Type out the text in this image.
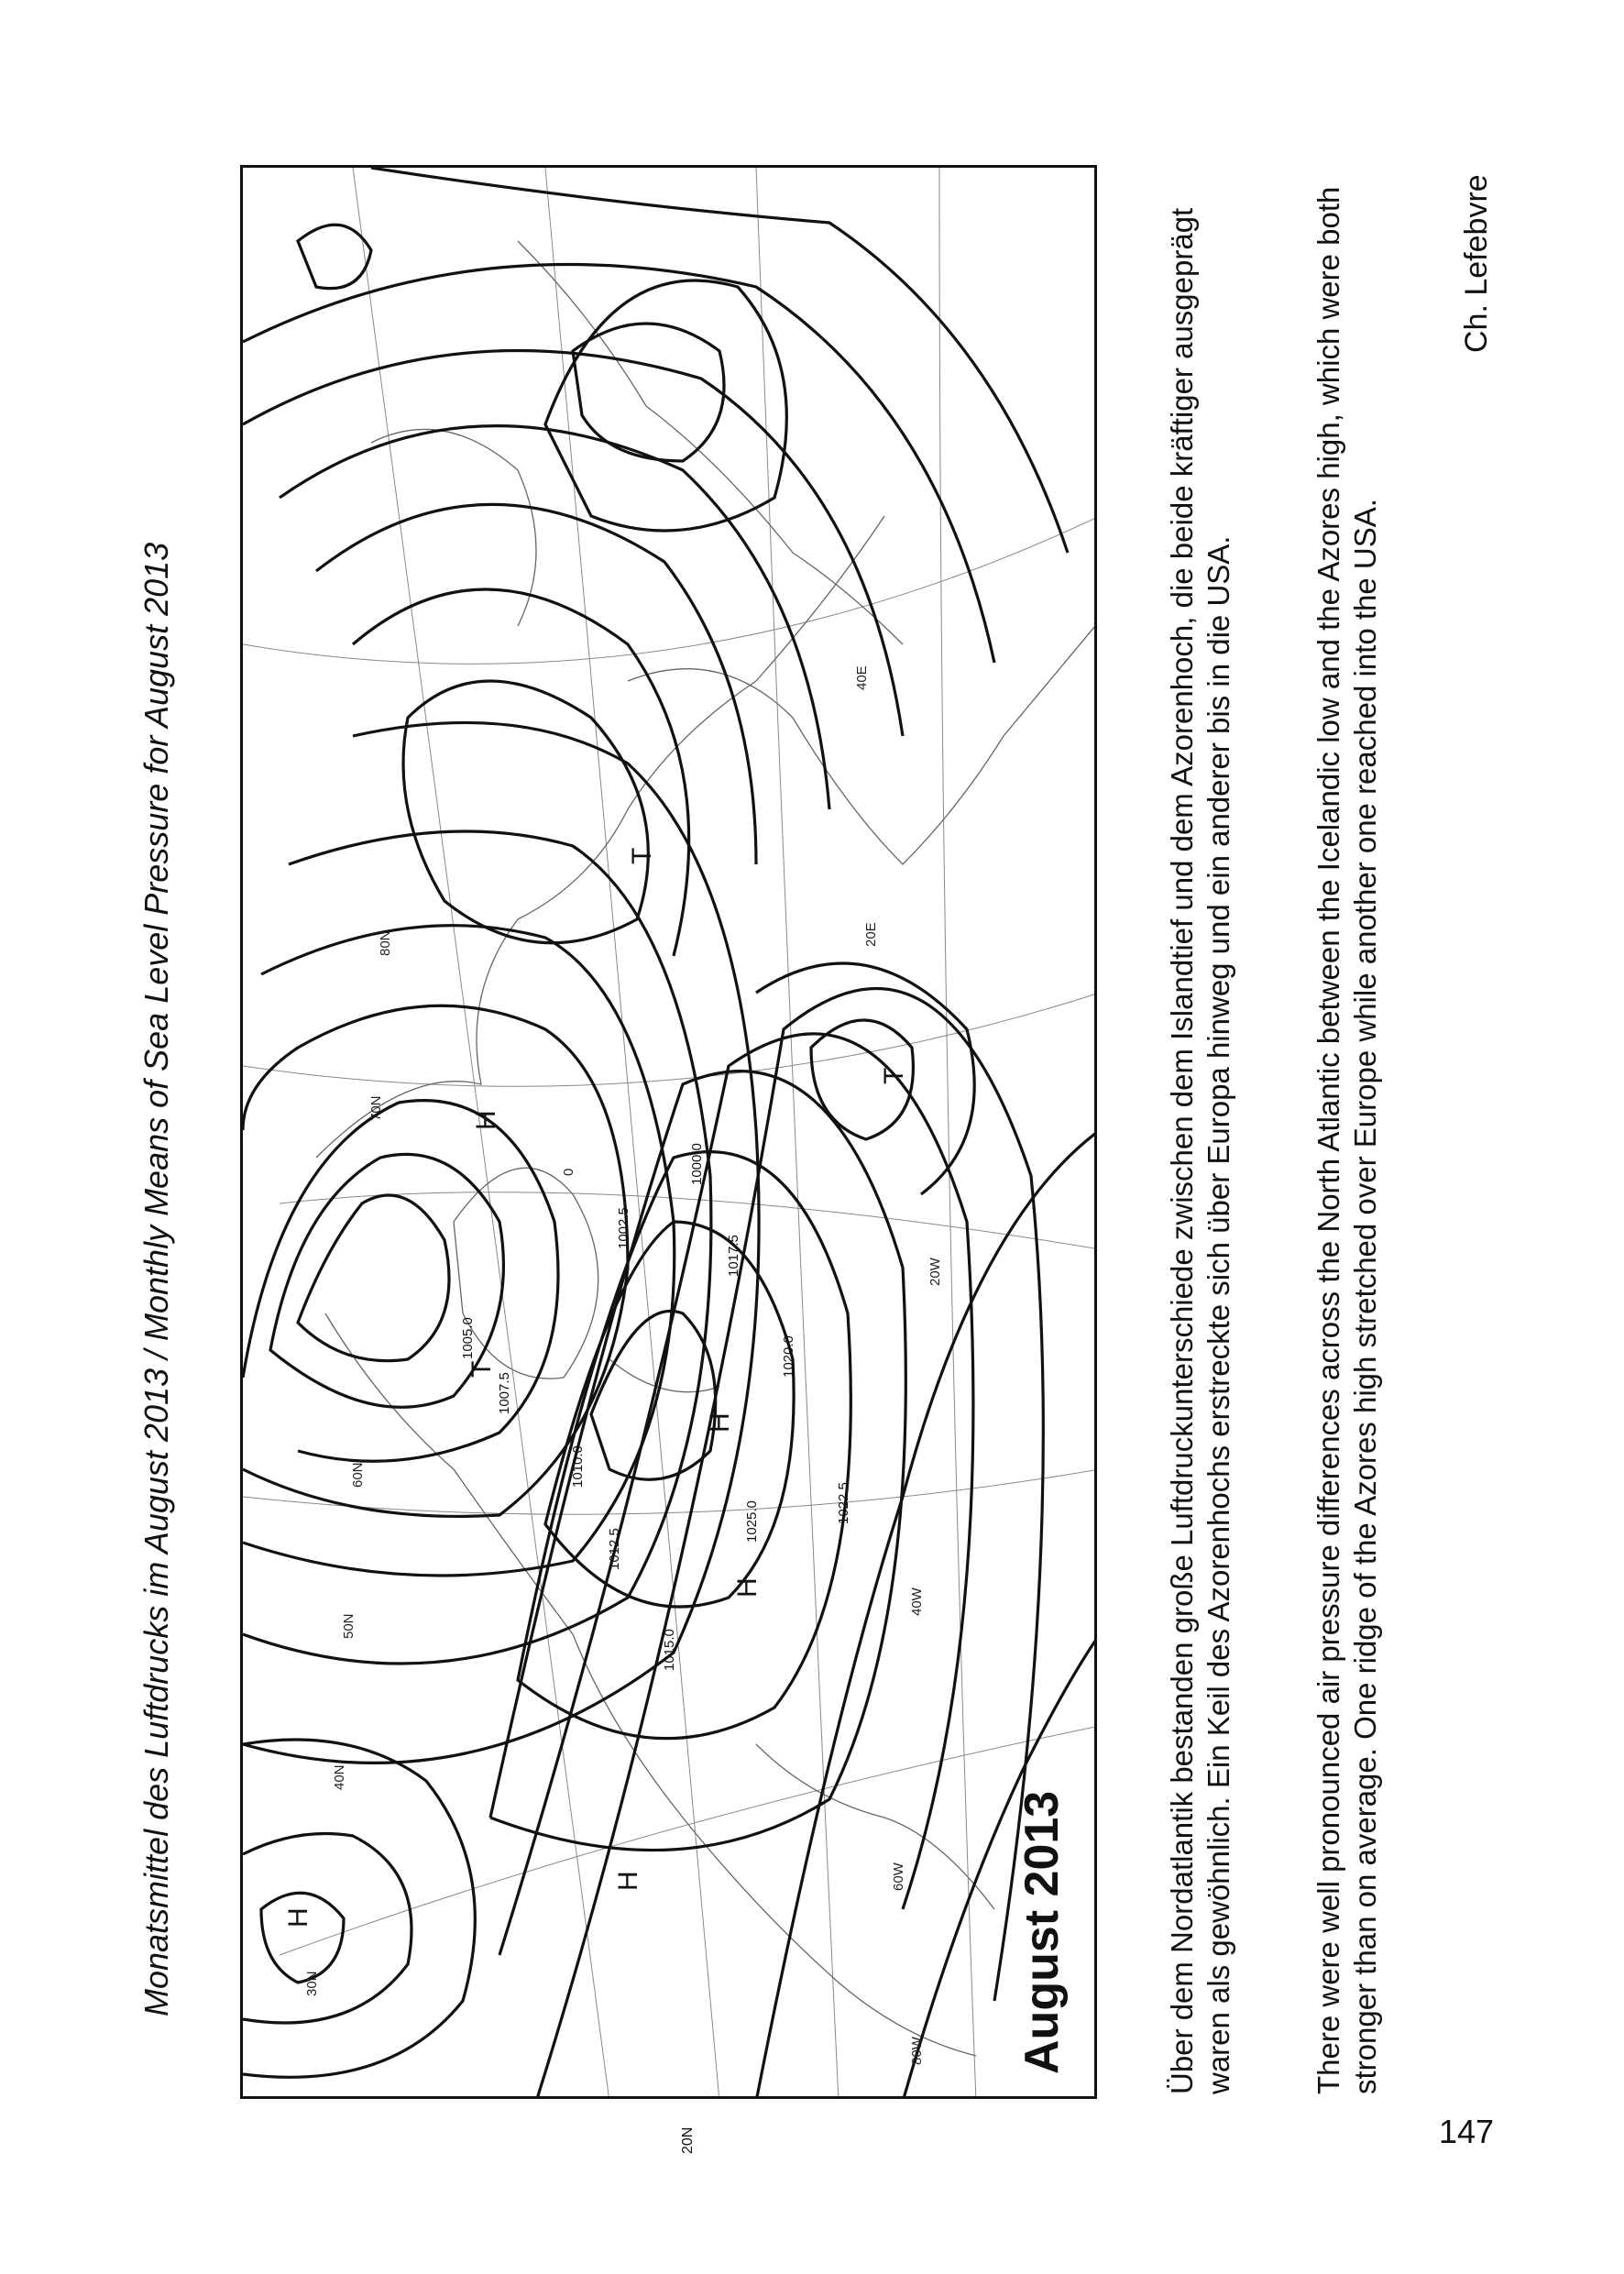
Monatsmittel des Luftdrucks im August 2013 / Monthly Means of Sea Level Pressure for August 2013	1000.0
1002.5
1005.0
1007.5
1010.0
1012.5
1015.0
1017.5
1020.0
1022.5
1025.0
H
T
H
T
H
T
H
H
30N
40N
50N
60N
70N
80N
80W
60W
40W
20W
0
20E
40E
August 2013
20N
Über dem Nordatlantik bestanden große Luftdruckunterschiede zwischen dem Islandtief und dem Azorenhoch, die beide kräftiger ausgeprägt waren als gewöhnlich. Ein Keil des Azorenhochs erstreckte sich über Europa hinweg und ein anderer bis in die USA.	There were well pronounced air pressure differences across the North Atlantic between the Icelandic low and the Azores high, which were both stronger than on average. One ridge of the Azores high stretched over Europe while another one reached into the USA.
Ch. Lefebvre
147
